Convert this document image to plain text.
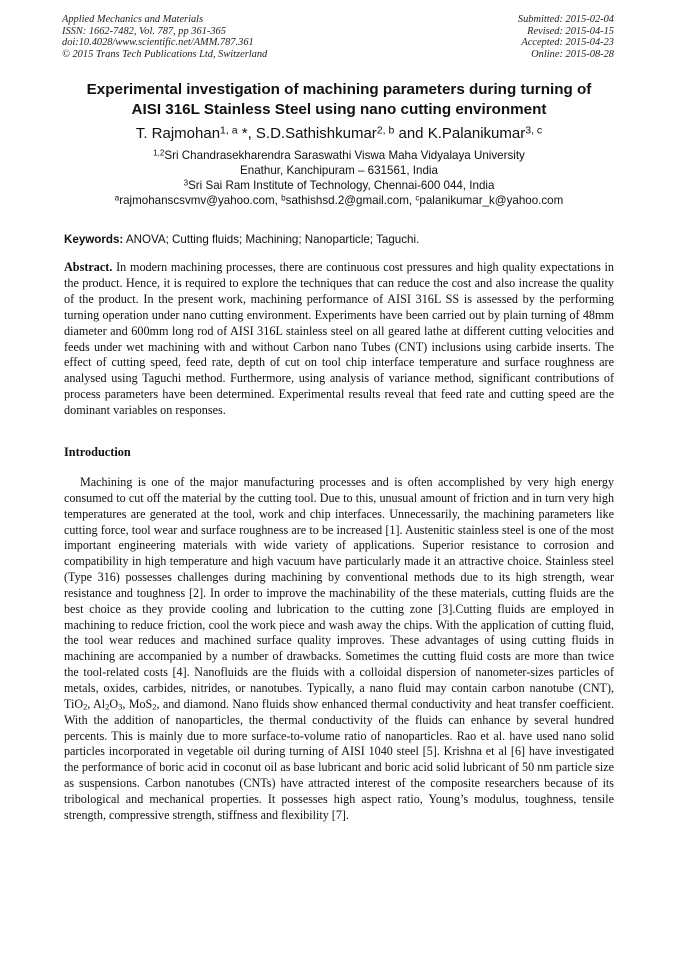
Applied Mechanics and Materials
ISSN: 1662-7482, Vol. 787, pp 361-365
doi:10.4028/www.scientific.net/AMM.787.361
© 2015 Trans Tech Publications Ltd, Switzerland
Submitted: 2015-02-04
Revised: 2015-04-15
Accepted: 2015-04-23
Online: 2015-08-28
Experimental investigation of machining parameters during turning of
AISI 316L Stainless Steel using nano cutting environment
T. Rajmohan$^{1, a}$ *, S.D.Sathishkumar$^{2, b}$ and K.Palanikumar$^{3, c}$
$^{1,2}$Sri Chandrasekharendra Saraswathi Viswa Maha Vidyalaya University
Enathur, Kanchipuram – 631561, India
$^3$Sri Sai Ram Institute of Technology, Chennai-600 044, India
$^a$rajmohanscsvmv@yahoo.com, $^b$sathishsd.2@gmail.com, $^c$palanikumar_k@yahoo.com
Keywords: ANOVA; Cutting fluids; Machining; Nanoparticle; Taguchi.
Abstract. In modern machining processes, there are continuous cost pressures and high quality expectations in the product. Hence, it is required to explore the techniques that can reduce the cost and also increase the quality of the product. In the present work, machining performance of AISI 316L SS is assessed by the performing turning operation under nano cutting environment. Experiments have been carried out by plain turning of 48mm diameter and 600mm long rod of AISI 316L stainless steel on all geared lathe at different cutting velocities and feeds under wet machining with and without Carbon nano Tubes (CNT) inclusions using carbide inserts. The effect of cutting speed, feed rate, depth of cut on tool chip interface temperature and surface roughness are analysed using Taguchi method. Furthermore, using analysis of variance method, significant contributions of process parameters have been determined. Experimental results reveal that feed rate and cutting speed are the dominant variables on responses.
Introduction
Machining is one of the major manufacturing processes and is often accomplished by very high energy consumed to cut off the material by the cutting tool. Due to this, unusual amount of friction and in turn very high temperatures are generated at the tool, work and chip interfaces. Unnecessarily, the machining parameters like cutting force, tool wear and surface roughness are to be increased [1]. Austenitic stainless steel is one of the most important engineering materials with wide variety of applications. Superior resistance to corrosion and compatibility in high temperature and high vacuum have particularly made it an attractive choice. Stainless steel (Type 316) possesses challenges during machining by conventional methods due to its high strength, wear resistance and toughness [2]. In order to improve the machinability of the these materials, cutting fluids are the best choice as they provide cooling and lubrication to the cutting zone [3].Cutting fluids are employed in machining to reduce friction, cool the work piece and wash away the chips. With the application of cutting fluid, the tool wear reduces and machined surface quality improves. These advantages of using cutting fluids in machining are accompanied by a number of drawbacks. Sometimes the cutting fluid costs are more than twice the tool-related costs [4]. Nanofluids are the fluids with a colloidal dispersion of nanometer-sizes particles of metals, oxides, carbides, nitrides, or nanotubes. Typically, a nano fluid may contain carbon nanotube (CNT), TiO$_2$, $Al_2O_3$, MoS$_2$, and diamond. Nano fluids show enhanced thermal conductivity and heat transfer coefficient. With the addition of nanoparticles, the thermal conductivity of the fluids can enhance by several hundred percents. This is mainly due to more surface-to-volume ratio of nanoparticles. Rao et al. have used nano solid particles incorporated in vegetable oil during turning of AISI 1040 steel [5]. Krishna et al [6] have investigated the performance of boric acid in coconut oil as base lubricant and boric acid solid lubricant of 50 nm particle size as suspensions. Carbon nanotubes (CNTs) have attracted interest of the composite researchers because of its tribological and mechanical properties. It possesses high aspect ratio, Young’s modulus, toughness, tensile strength, compressive strength, stiffness and flexibility [7].
